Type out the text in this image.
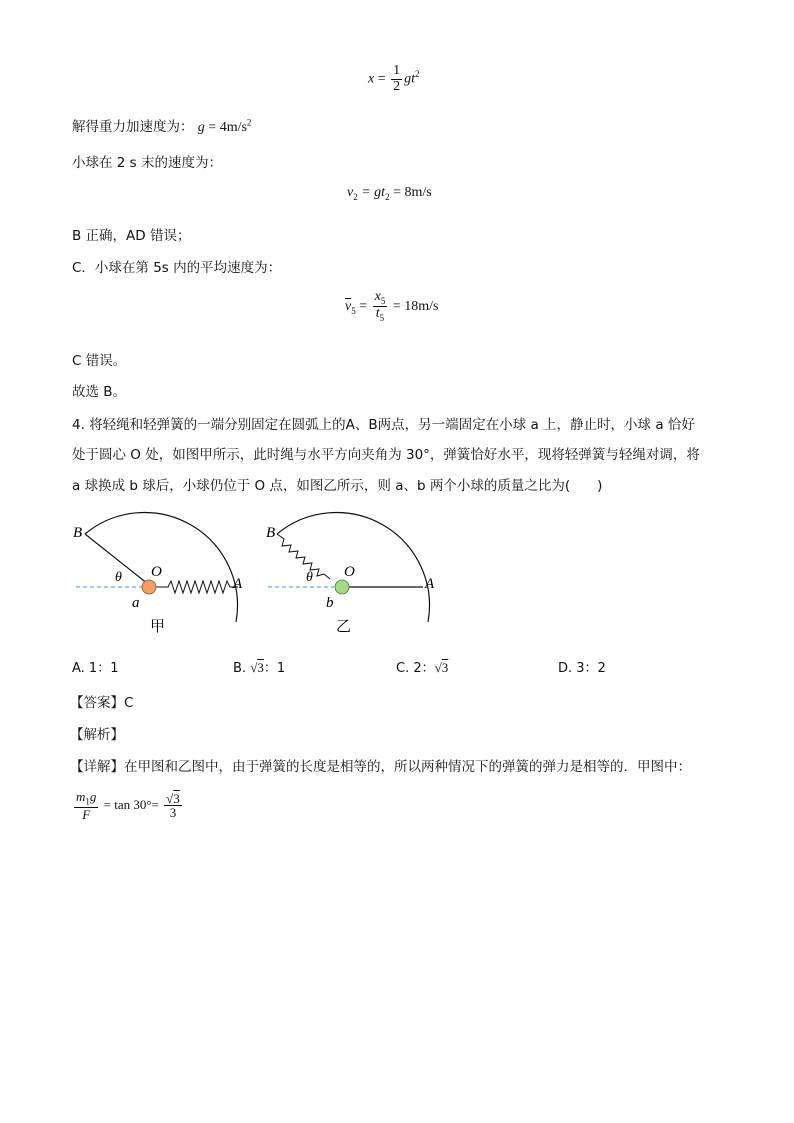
$x = \frac{1}{2} gt^2$
解得重力加速度为： $g = 4m/s^2$
小球在 2 s 末的速度为：
$v_2 = gt_2 = 8m/s$
B 正确，AD 错误；
C．小球在第 5s 内的平均速度为：
$\overline{v}_5 = \frac{x_5}{t_5} = 18m/s$
C 错误。
故选 B。
4. 将轻绳和轻弹簧的一端分别固定在圆弧上的A、B两点，另一端固定在小球 a 上，静止时，小球 a 恰好
处于圆心 O 处，如图甲所示，此时绳与水平方向夹角为 30°，弹簧恰好水平，现将轻弹簧与轻绳对调，将
a 球换成 b 球后，小球仍位于 O 点，如图乙所示，则 a、b 两个小球的质量之比为(　　)
B
O
θ	A
a
甲
B
O
θ	A
b
乙
A. 1：1	B. √3：1	C. 2：√3	D. 3：2
【答案】C
【解析】
【详解】在甲图和乙图中，由于弹簧的长度是相等的，所以两种情况下的弹簧的弹力是相等的．甲图中：
$\frac{m_1g}{F} = \tan 30^\circ= \frac{√3}{3}$
